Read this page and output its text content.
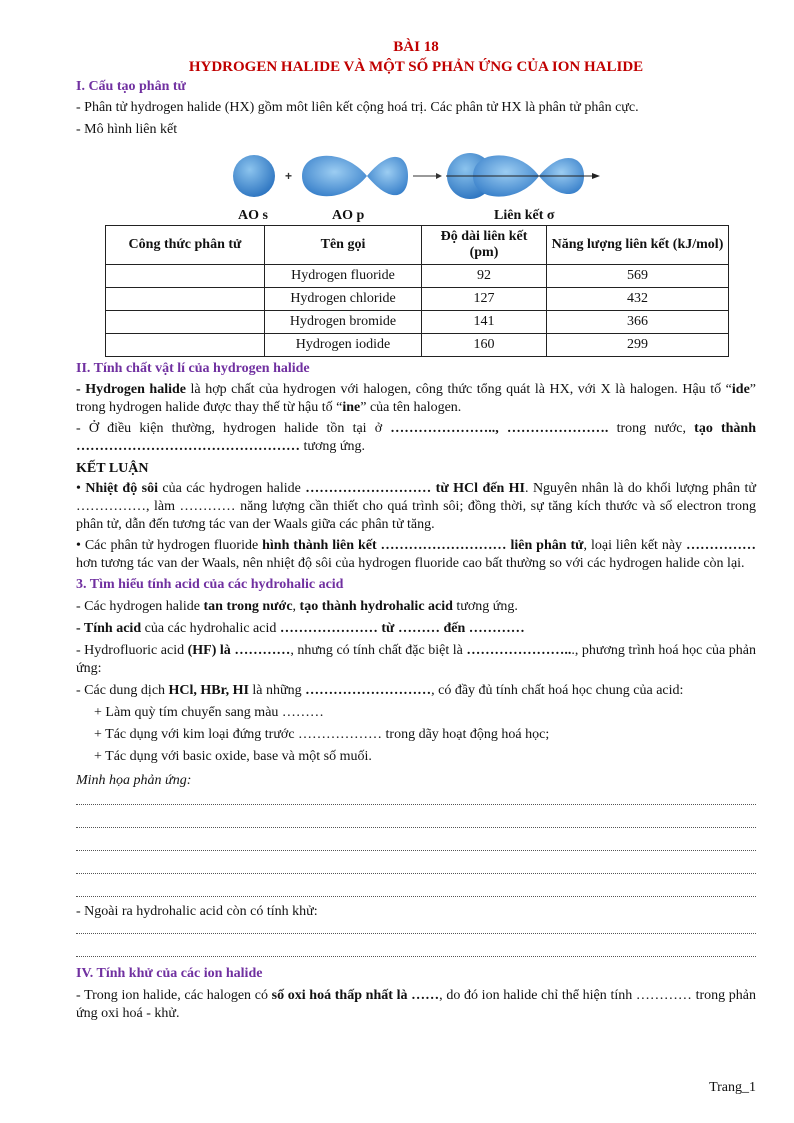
BÀI 18
HYDROGEN HALIDE VÀ MỘT SỐ PHẢN ỨNG CỦA ION HALIDE
I. Cấu tạo phân tử
- Phân tử hydrogen halide (HX) gồm môt liên kết cộng hoá trị. Các phân tử HX là phân tử phân cực.
- Mô hình liên kết
+
AO s	AO p	Liên kết σ
Công thức phân tử	Tên gọi	Độ dài liên kết (pm)	Năng lượng liên kết (kJ/mol)
	Hydrogen fluoride	92	569
	Hydrogen chloride	127	432
	Hydrogen bromide	141	366
	Hydrogen iodide	160	299
II. Tính chất vật lí của hydrogen halide
- Hydrogen halide là hợp chất của hydrogen với halogen, công thức tổng quát là HX, với X là halogen. Hậu tố “ide” trong hydrogen halide được thay thế từ hậu tố “ine” của tên halogen.
- Ở điều kiện thường, hydrogen halide tồn tại ở ………………….., …………………. trong nước, tạo thành ………………………………………… tương ứng.
KẾT LUẬN
• Nhiệt độ sôi của các hydrogen halide ……………………… từ HCl đến HI. Nguyên nhân là do khối lượng phân tử ……………, làm ………… năng lượng cần thiết cho quá trình sôi; đồng thời, sự tăng kích thước và số electron trong phân tử, dẫn đến tương tác van der Waals giữa các phân tử tăng.
• Các phân tử hydrogen fluoride hình thành liên kết ……………………… liên phân tử, loại liên kết này …………… hơn tương tác van der Waals, nên nhiệt độ sôi của hydrogen fluoride cao bất thường so với các hydrogen halide còn lại.
3. Tìm hiểu tính acid của các hydrohalic acid
- Các hydrogen halide tan trong nước, tạo thành hydrohalic acid tương ứng.
- Tính acid của các hydrohalic acid ………………… từ ……… đến …………
- Hydrofluoric acid (HF) là …………, nhưng có tính chất đặc biệt là …………………..., phương trình hoá học của phản ứng:
- Các dung dịch HCl, HBr, HI là những ………………………, có đầy đủ tính chất hoá học chung của acid:
+ Làm quỳ tím chuyển sang màu ………
+ Tác dụng với kim loại đứng trước ……………… trong dãy hoạt động hoá học;
+ Tác dụng với basic oxide, base và một số muối.
Minh họa phản ứng:
- Ngoài ra hydrohalic acid còn có tính khử:
IV. Tính khử của các ion halide
- Trong ion halide, các halogen có số oxi hoá thấp nhất là ……, do đó ion halide chỉ thể hiện tính ………… trong phản ứng oxi hoá - khử.
Trang_1
